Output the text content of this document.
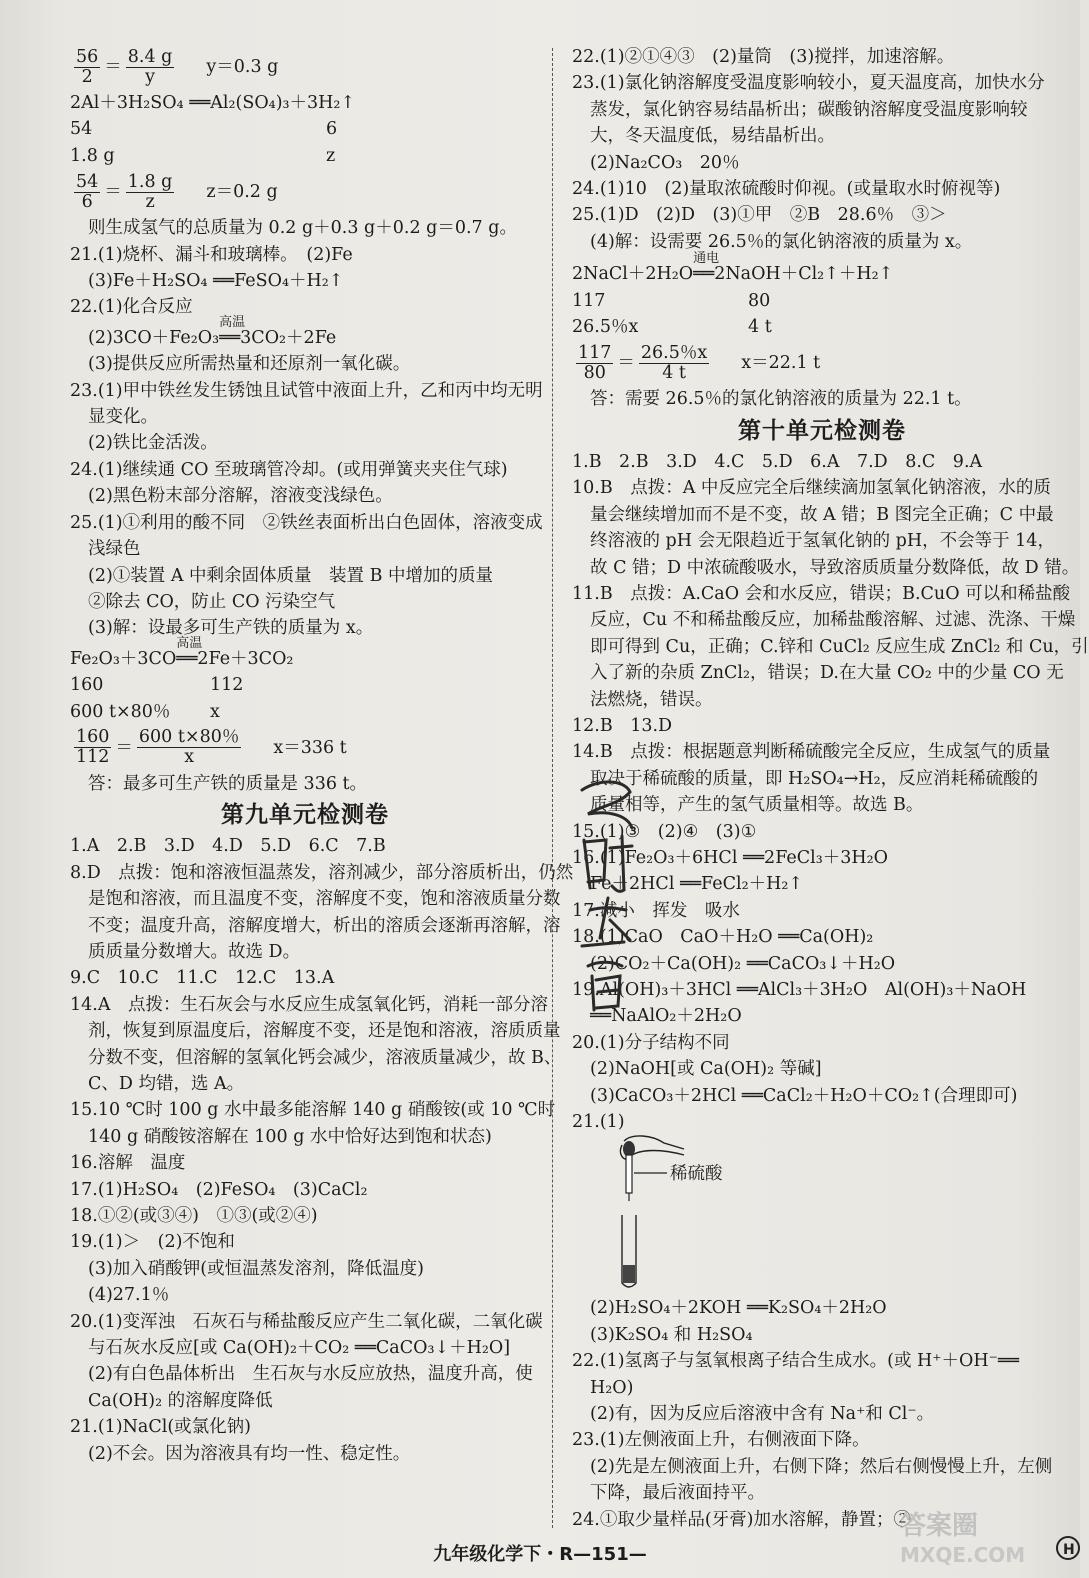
$\frac{56}{2} = \frac{8.4 g}{y} y=0.3$ g
2Al＋3H₂SO₄ ══Al₂(SO₄)₃＋3H₂↑
54	6
1.8 g	z
$\frac{54}{6} = \frac{1.8 g}{z} z=0.2$ g
则生成氢气的总质量为 0.2 g＋0.3 g＋0.2 g＝0.7 g。
21.(1)烧杯、漏斗和玻璃棒。　(2)Fe
(3)Fe＋H₂SO₄ ══FeSO₄＋H₂↑
22.(1)化合反应
(2)3CO＋Fe₂O₃══
高温
3CO₂＋2Fe
(3)提供反应所需热量和还原剂一氧化碳。
23.(1)甲中铁丝发生锈蚀且试管中液面上升，乙和丙中均无明
显变化。
(2)铁比金活泼。
24.(1)继续通 CO 至玻璃管冷却。(或用弹簧夹夹住气球)
(2)黑色粉末部分溶解，溶液变浅绿色。
25.(1)①利用的酸不同　②铁丝表面析出白色固体，溶液变成
浅绿色
(2)①装置 A 中剩余固体质量　装置 B 中增加的质量
②除去 CO，防止 CO 污染空气
(3)解：设最多可生产铁的质量为 x。
Fe₂O₃＋3CO══
高温
2Fe＋3CO₂
160	112
600 t×80％ x
$\frac{160}{112} = \frac{600 t\times 80\%}{x} x=336$ t
答：最多可生产铁的质量是 336 t。
第九单元检测卷
1.A　2.B　3.D　4.D　5.D　6.C　7.B
8.D　点拨：饱和溶液恒温蒸发，溶剂减少，部分溶质析出，仍然
是饱和溶液，而且温度不变，溶解度不变，饱和溶液质量分数
不变；温度升高，溶解度增大，析出的溶质会逐渐再溶解，溶
质质量分数增大。故选 D。
9.C　10.C　11.C　12.C　13.A
14.A　点拨：生石灰会与水反应生成氢氧化钙，消耗一部分溶
剂，恢复到原温度后，溶解度不变，还是饱和溶液，溶质质量
分数不变，但溶解的氢氧化钙会减少，溶液质量减少，故 B、
C、D 均错，选 A。
15.10 ℃时 100 g 水中最多能溶解 140 g 硝酸铵(或 10 ℃时
140 g 硝酸铵溶解在 100 g 水中恰好达到饱和状态)
16.溶解　温度
17.(1)H₂SO₄　(2)FeSO₄　(3)CaCl₂
18.①②(或③④)　①③(或②④)
19.(1)＞　(2)不饱和
(3)加入硝酸钾(或恒温蒸发溶剂，降低温度)
(4)27.1％
20.(1)变浑浊　石灰石与稀盐酸反应产生二氧化碳，二氧化碳
与石灰水反应[或 Ca(OH)₂＋CO₂ ══CaCO₃↓＋H₂O]
(2)有白色晶体析出　生石灰与水反应放热，温度升高，使
Ca(OH)₂ 的溶解度降低
21.(1)NaCl(或氯化钠)
(2)不会。因为溶液具有均一性、稳定性。
22.(1)②①④③　(2)量筒　(3)搅拌，加速溶解。
23.(1)氯化钠溶解度受温度影响较小，夏天温度高，加快水分
蒸发，氯化钠容易结晶析出；碳酸钠溶解度受温度影响较
大，冬天温度低，易结晶析出。
(2)Na₂CO₃　20％
24.(1)10　(2)量取浓硫酸时仰视。(或量取水时俯视等)
25.(1)D　(2)D　(3)①甲　②B　28.6％　③＞
(4)解：设需要 26.5％的氯化钠溶液的质量为 x。
2NaCl＋2H₂O══
通电
2NaOH＋Cl₂↑＋H₂↑
117	80
26.5％x	4 t
$\frac{117}{80} = \frac{26.5\%x}{4 t} x=22.1$ t
答：需要 26.5％的氯化钠溶液的质量为 22.1 t。
第十单元检测卷
1.B　2.B　3.D　4.C　5.D　6.A　7.D　8.C　9.A
10.B　点拨：A 中反应完全后继续滴加氢氧化钠溶液，水的质
量会继续增加而不是不变，故 A 错；B 图完全正确；C 中最
终溶液的 pH 会无限趋近于氢氧化钠的 pH，不会等于 14，
故 C 错；D 中浓硫酸吸水，导致溶质质量分数降低，故 D 错。
11.B　点拨：A.CaO 会和水反应，错误；B.CuO 可以和稀盐酸
反应，Cu 不和稀盐酸反应，加稀盐酸溶解、过滤、洗涤、干燥
即可得到 Cu，正确；C.锌和 CuCl₂ 反应生成 ZnCl₂ 和 Cu，引
入了新的杂质 ZnCl₂，错误；D.在大量 CO₂ 中的少量 CO 无
法燃烧，错误。
12.B　13.D
14.B　点拨：根据题意判断稀硫酸完全反应，生成氢气的质量
取决于稀硫酸的质量，即 H₂SO₄→H₂，反应消耗稀硫酸的
质量相等，产生的氢气质量相等。故选 B。
15.(1)③　(2)④　(3)①
16.(1)Fe₂O₃＋6HCl ══2FeCl₃＋3H₂O
Fe＋2HCl ══FeCl₂＋H₂↑
17.减小　挥发　吸水
18.(1)CaO　CaO＋H₂O ══Ca(OH)₂
(2)CO₂＋Ca(OH)₂ ══CaCO₃↓＋H₂O
19.Al(OH)₃＋3HCl ══AlCl₃＋3H₂O　Al(OH)₃＋NaOH
══NaAlO₂＋2H₂O
20.(1)分子结构不同
(2)NaOH[或 Ca(OH)₂ 等碱]
(3)CaCO₃＋2HCl ══CaCl₂＋H₂O＋CO₂↑(合理即可)
21.(1)
稀硫酸
(2)H₂SO₄＋2KOH ══K₂SO₄＋2H₂O
(3)K₂SO₄ 和 H₂SO₄
22.(1)氢离子与氢氧根离子结合生成水。(或 H⁺＋OH⁻══
H₂O)
(2)有，因为反应后溶液中含有 Na⁺和 Cl⁻。
23.(1)左侧液面上升，右侧液面下降。
(2)先是左侧液面上升，右侧下降；然后右侧慢慢上升，左侧
下降，最后液面持平。
24.①取少量样品(牙膏)加水溶解，静置；②
H
答案圈
MXQE.COM
九年级化学下・R—151—
